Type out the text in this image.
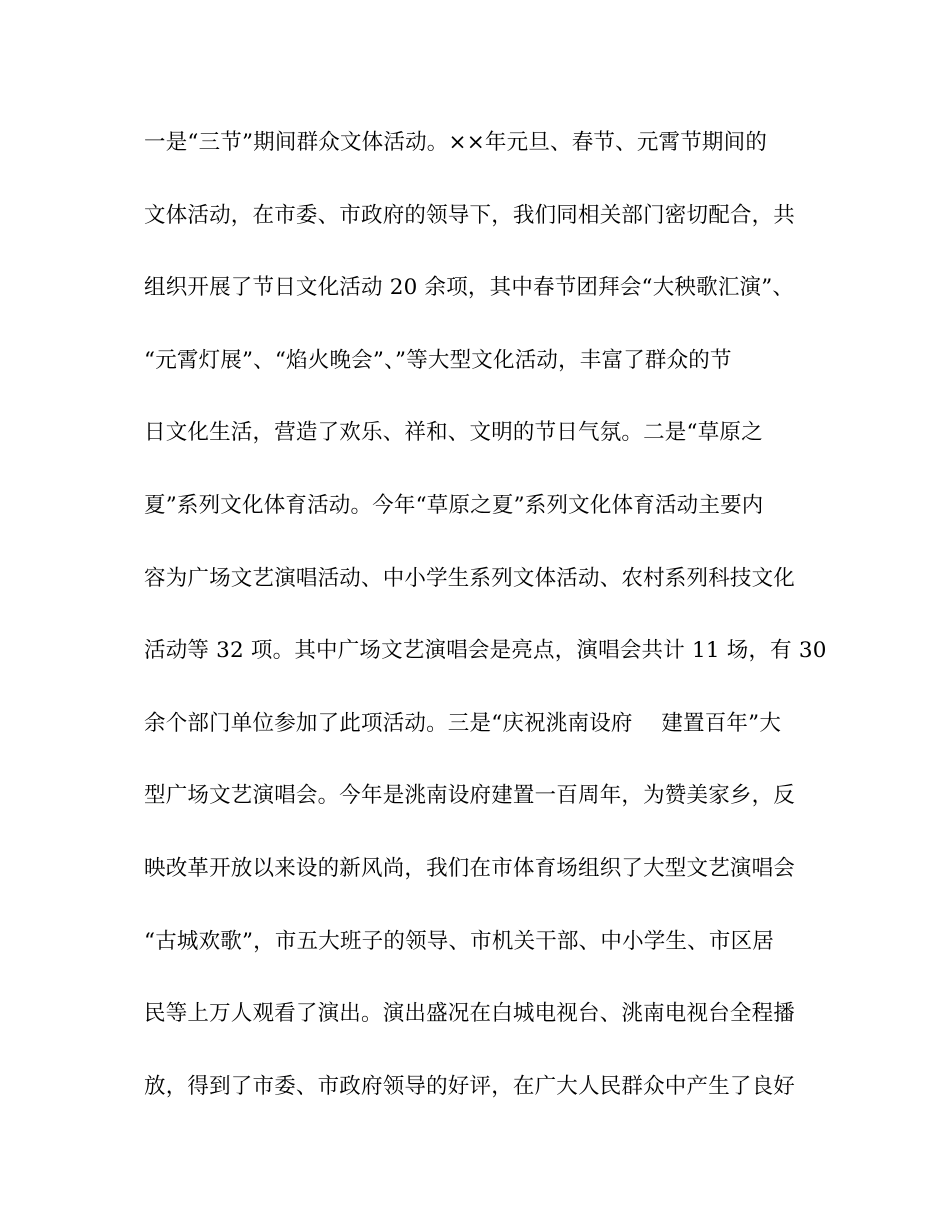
一是“三节”期间群众文体活动。××年元旦、春节、元霄节期间的
文体活动，在市委、市政府的领导下，我们同相关部门密切配合，共
组织开展了节日文化活动 20 余项，其中春节团拜会“大秧歌汇演”、
“元霄灯展”、“焰火晚会”、”等大型文化活动，丰富了群众的节
日文化生活，营造了欢乐、祥和、文明的节日气氛。二是“草原之
夏”系列文化体育活动。今年“草原之夏”系列文化体育活动主要内
容为广场文艺演唱活动、中小学生系列文体活动、农村系列科技文化
活动等 32 项。其中广场文艺演唱会是亮点，演唱会共计 11 场，有 30
余个部门单位参加了此项活动。三是“庆祝洮南设府　 建置百年”大
型广场文艺演唱会。今年是洮南设府建置一百周年，为赞美家乡，反
映改革开放以来设的新风尚，我们在市体育场组织了大型文艺演唱会
“古城欢歌”，市五大班子的领导、市机关干部、中小学生、市区居
民等上万人观看了演出。演出盛况在白城电视台、洮南电视台全程播
放，得到了市委、市政府领导的好评，在广大人民群众中产生了良好
